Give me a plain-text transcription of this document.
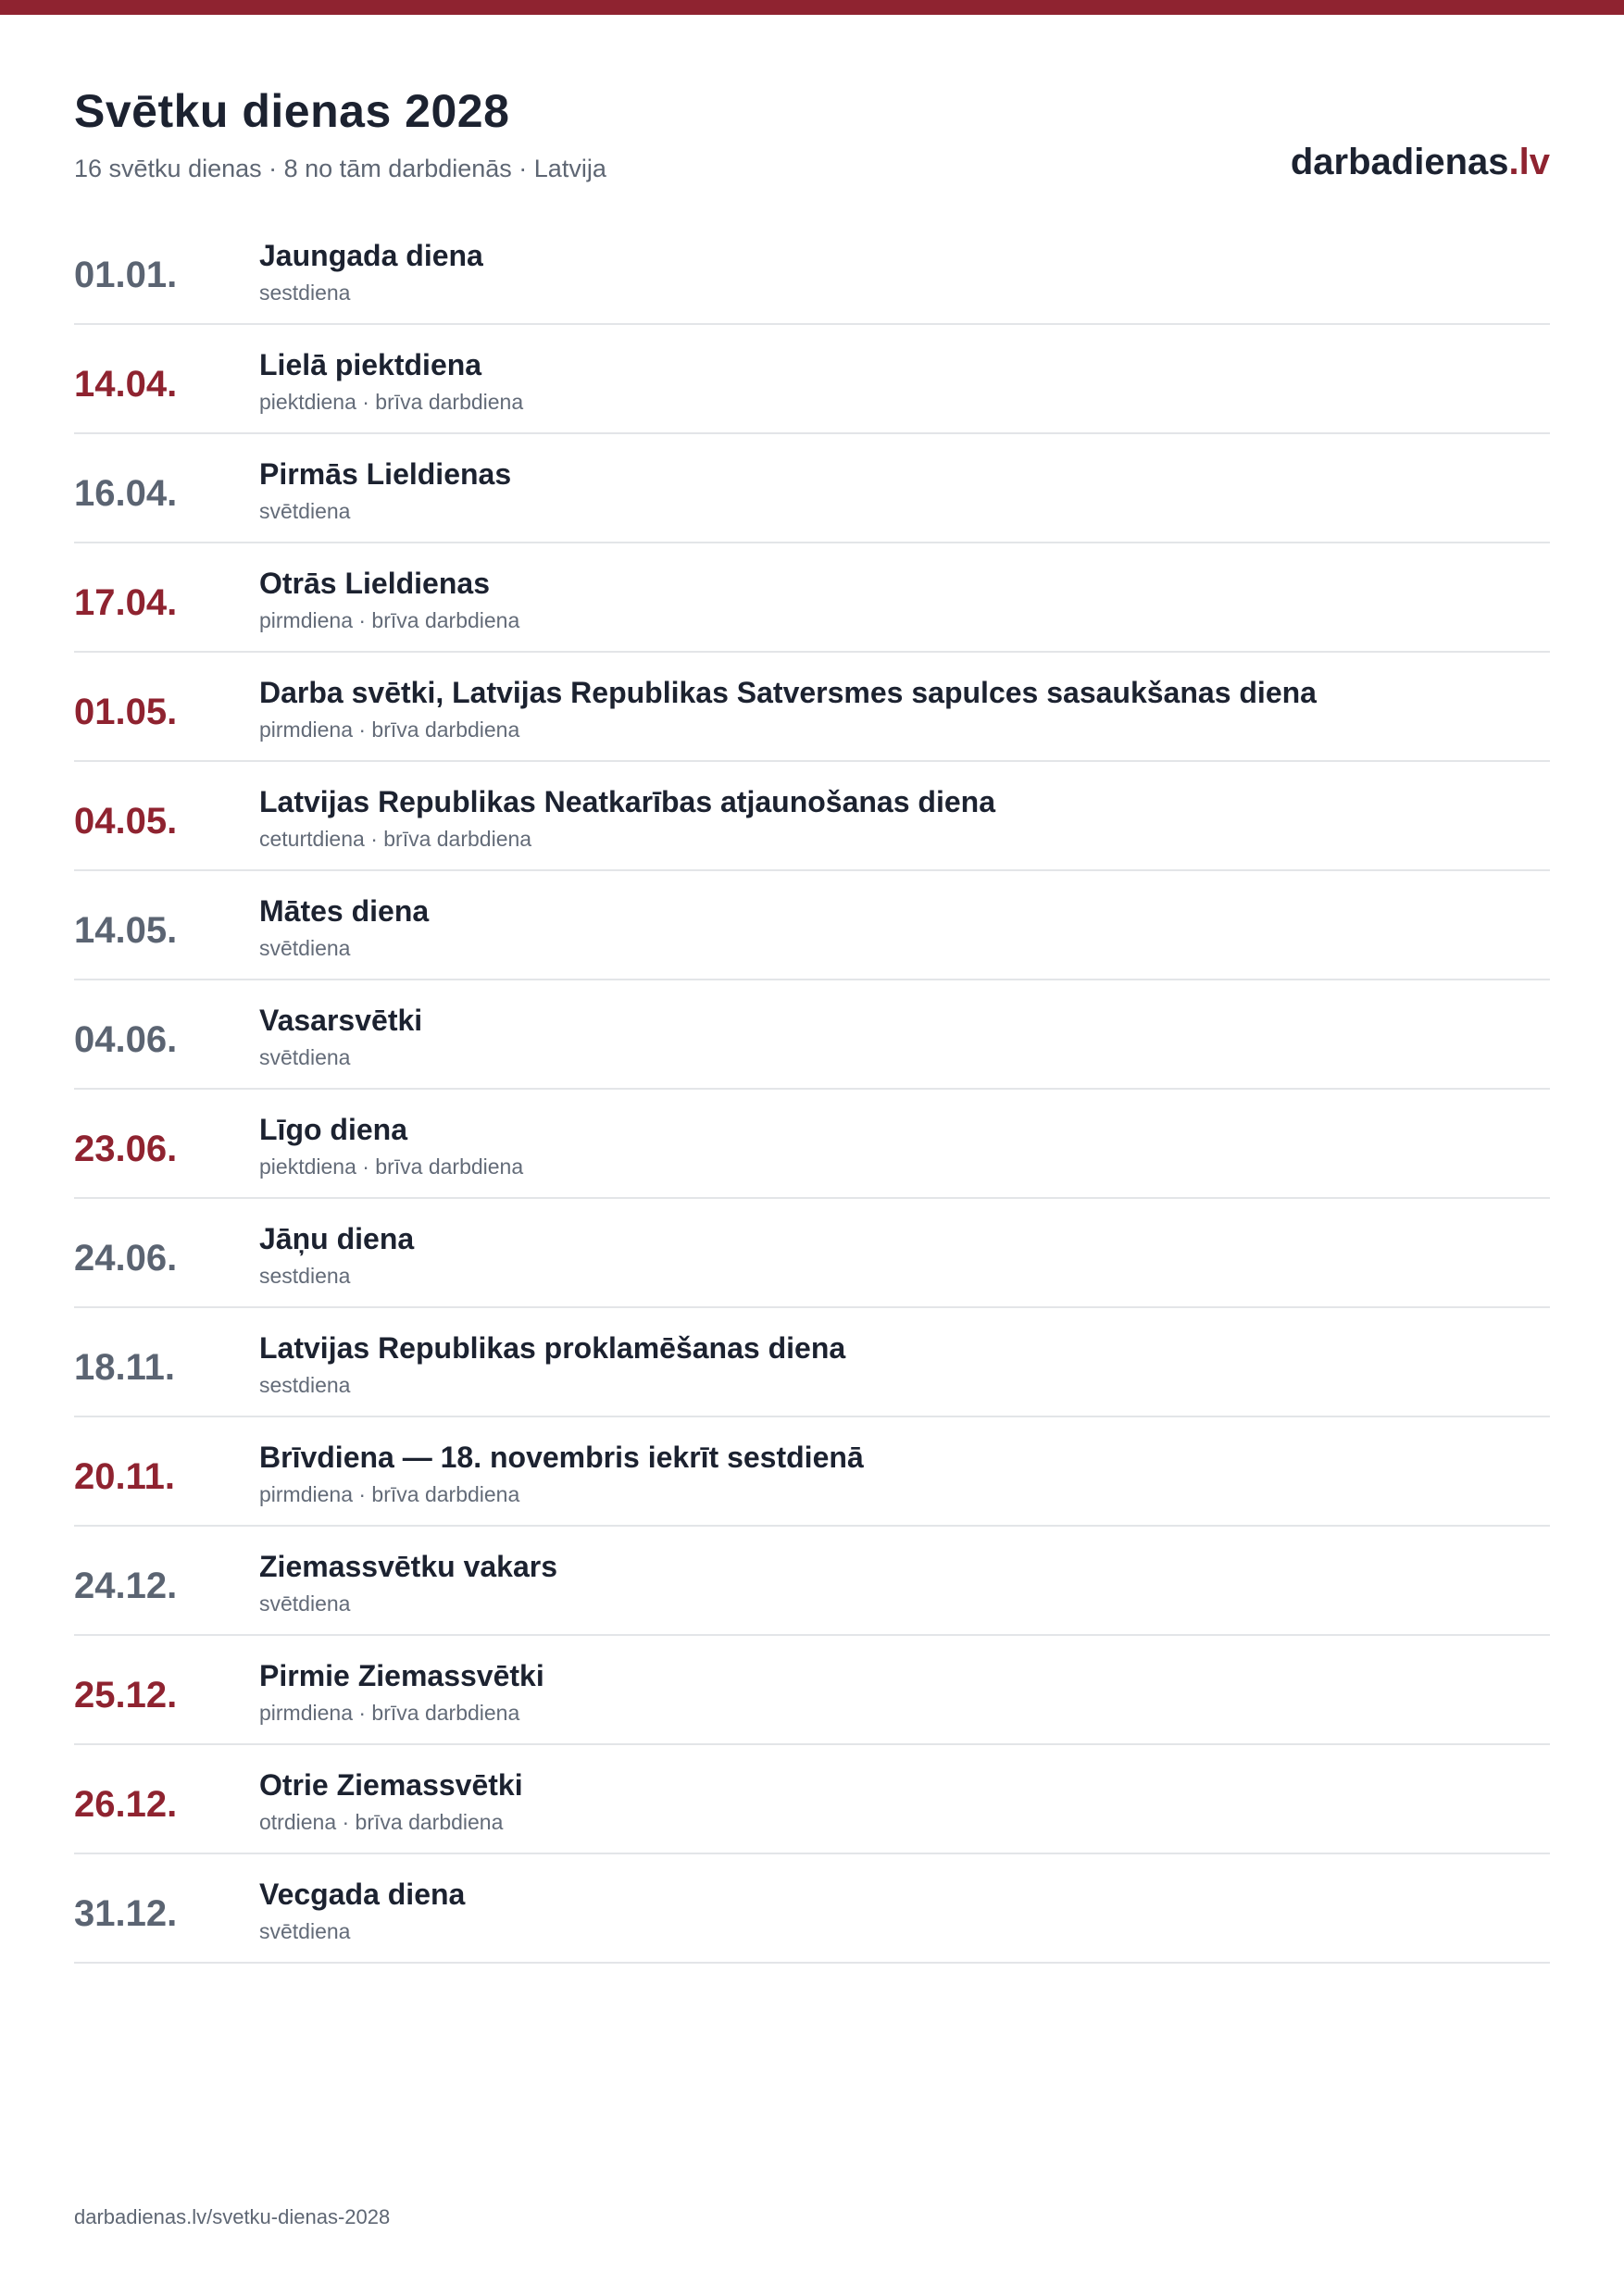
Svētku dienas 2028
16 svētku dienas · 8 no tām darbdienās · Latvija	darbadienas.lv
01.01.	Jaungada diena
sestdiena
14.04.	Lielā piektdiena
piektdiena · brīva darbdiena
16.04.	Pirmās Lieldienas
svētdiena
17.04.	Otrās Lieldienas
pirmdiena · brīva darbdiena
01.05.	Darba svētki, Latvijas Republikas Satversmes sapulces sasaukšanas diena
pirmdiena · brīva darbdiena
04.05.	Latvijas Republikas Neatkarības atjaunošanas diena
ceturtdiena · brīva darbdiena
14.05.	Mātes diena
svētdiena
04.06.	Vasarsvētki
svētdiena
23.06.	Līgo diena
piektdiena · brīva darbdiena
24.06.	Jāņu diena
sestdiena
18.11.	Latvijas Republikas proklamēšanas diena
sestdiena
20.11.	Brīvdiena — 18. novembris iekrīt sestdienā
pirmdiena · brīva darbdiena
24.12.	Ziemassvētku vakars
svētdiena
25.12.	Pirmie Ziemassvētki
pirmdiena · brīva darbdiena
26.12.	Otrie Ziemassvētki
otrdiena · brīva darbdiena
31.12.	Vecgada diena
svētdiena
darbadienas.lv/svetku-dienas-2028
